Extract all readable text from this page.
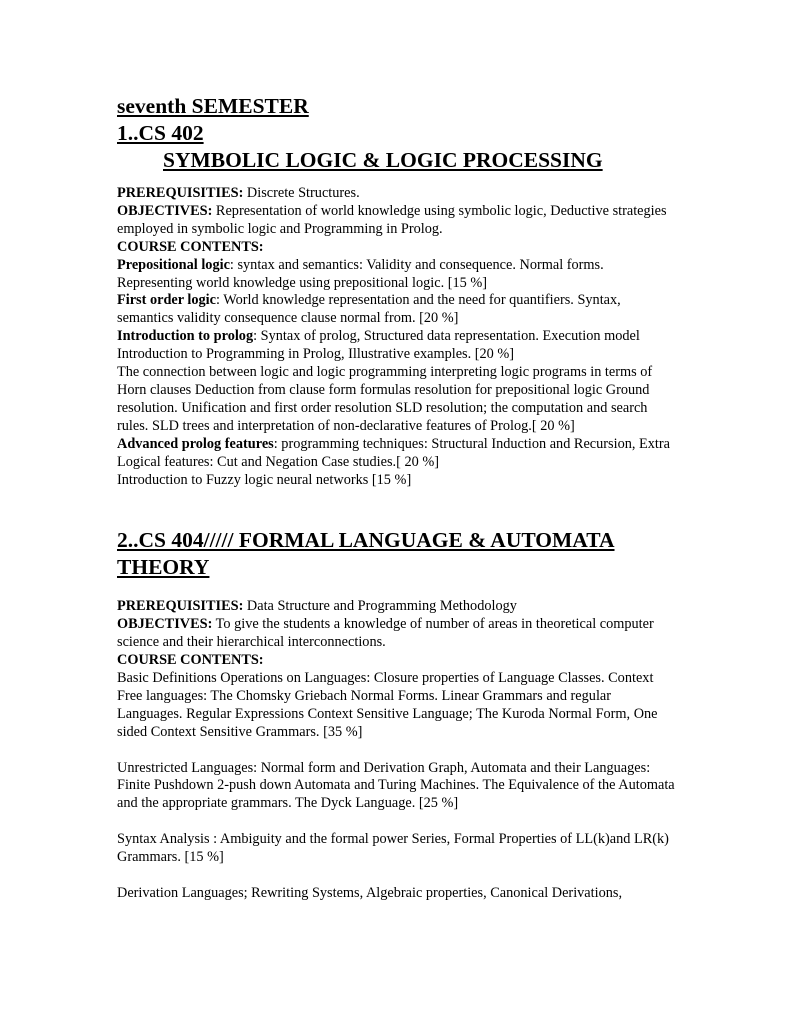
seventh SEMESTER
1..CS 402
SYMBOLIC LOGIC & LOGIC PROCESSING

PREREQUISITIES: Discrete Structures.

OBJECTIVES: Representation of world knowledge using symbolic logic, Deductive strategies employed in symbolic logic and Programming in Prolog.

COURSE CONTENTS:

Prepositional logic: syntax and semantics: Validity and consequence. Normal forms. Representing world knowledge using prepositional logic. [15 %]

First order logic: World knowledge representation and the need for quantifiers. Syntax, semantics validity consequence clause normal from. [20 %]

Introduction to prolog: Syntax of prolog, Structured data representation. Execution model Introduction to Programming in Prolog, Illustrative examples. [20 %]

The connection between logic and logic programming interpreting logic programs in terms of Horn clauses Deduction from clause form formulas resolution for prepositional logic Ground resolution. Unification and first order resolution SLD resolution; the computation and search rules. SLD trees and interpretation of non-declarative features of Prolog.[ 20 %]

Advanced prolog features: programming techniques: Structural Induction and Recursion, Extra Logical features: Cut and Negation Case studies.[ 20 %]

Introduction to Fuzzy logic neural networks [15 %]

2..CS 404///// FORMAL LANGUAGE & AUTOMATA THEORY

PREREQUISITIES: Data Structure and Programming Methodology

OBJECTIVES: To give the students a knowledge of number of areas in theoretical computer science and their hierarchical interconnections.

COURSE CONTENTS:

Basic Definitions Operations on Languages: Closure properties of Language Classes. Context Free languages: The Chomsky Griebach Normal Forms. Linear Grammars and regular Languages. Regular Expressions Context Sensitive Language; The Kuroda Normal Form, One sided Context Sensitive Grammars. [35 %]

Unrestricted Languages: Normal form and Derivation Graph, Automata and their Languages: Finite Pushdown 2-push down Automata and Turing Machines. The Equivalence of the Automata and the appropriate grammars. The Dyck Language. [25 %]

Syntax Analysis : Ambiguity and the formal power Series, Formal Properties of LL(k)and LR(k) Grammars. [15 %]

Derivation Languages; Rewriting Systems, Algebraic properties, Canonical Derivations,
